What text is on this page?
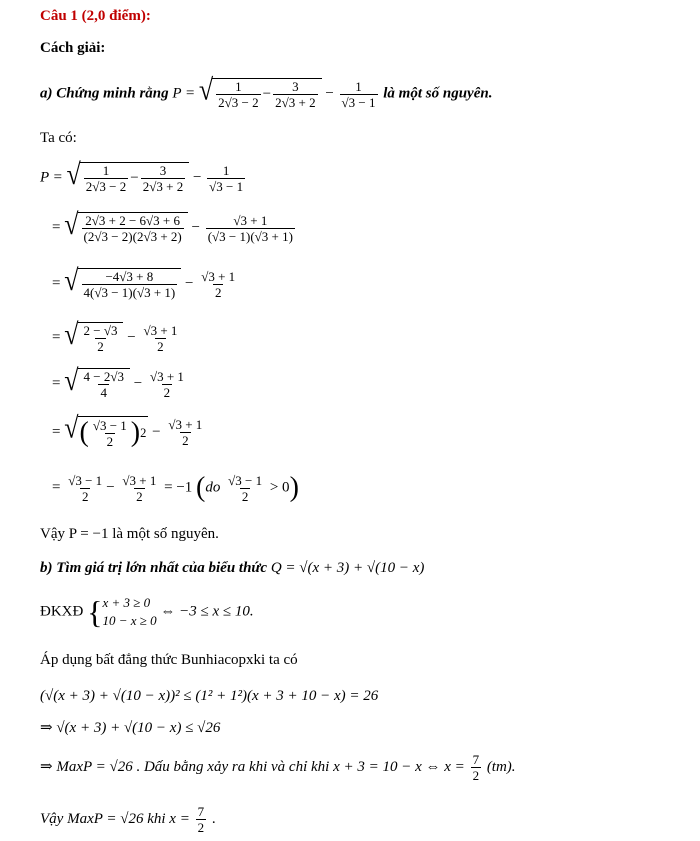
Câu 1 (2,0 điểm):
Cách giải:
a) Chứng minh rằng P = √ $\frac{1}{2√3 - 2} - \frac{3}{2√3 + 2} - \frac{1}{√3 - 1}$ là một số nguyên.
Ta có:
P = √ $\frac{1}{2√3 - 2} - \frac{3}{2√3 + 2} - \frac{1}{√3 - 1}$
= √ $\frac{2√3 + 2 - 6√3 + 6}{(2√3 - 2)(2√3 + 2)} - \frac{√3 + 1}{(√3 - 1)(√3 + 1)}$
= √ $\frac{-4√3 + 8}{4(√3 - 1)(√3 + 1)} - \frac{√3 + 1}{2}$
= √ $\frac{2 - √3}{2} - \frac{√3 + 1}{2}$
= √ $\frac{4 - 2√3}{4} - \frac{√3 + 1}{2}$
= √ ( $\frac{√3 - 1}{2}$ ) $2 - \frac{√3 + 1}{2}$
= $\frac{√3 - 1}{2} - \frac{√3 + 1}{2} = -1$ $(do \frac{√3 - 1}{2} > 0)$
Vậy P = −1 là một số nguyên.
b) Tìm giá trị lớn nhất của biểu thức Q = √(x + 3) + √(10 − x)
ĐKXĐ { x + 3 ≥ 0
10 − x ≥ 0
⇔ −3 ≤ x ≤ 10.
Áp dụng bất đẳng thức Bunhiacopxki ta có
(√(x + 3) + √(10 − x))² ≤ (1² + 1²)(x + 3 + 10 − x) = 26
⇒ √(x + 3) + √(10 − x) ≤ √26
⇒ MaxP = √26 . Dấu bằng xảy ra khi và chỉ khi x + 3 = 10 − x ⇔ $x = \frac{7}{2} (tm)$.
Vậy MaxP = √26 khi $x = \frac{7}{2}$ .
